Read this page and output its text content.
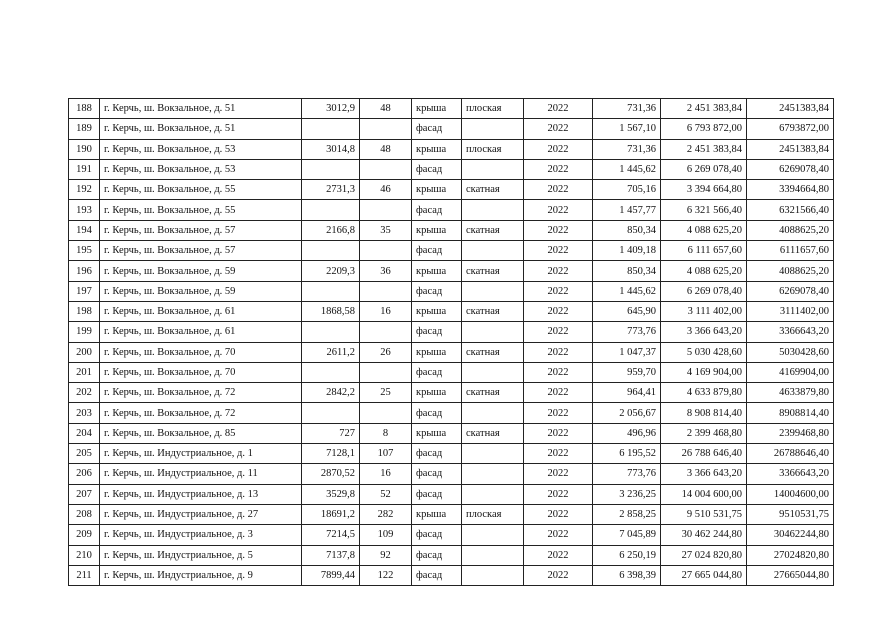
188	г. Керчь, ш. Вокзальное, д. 51	3012,9	48	крыша	плоская	2022	731,36	2 451 383,84	2451383,84
189	г. Керчь, ш. Вокзальное, д. 51			фасад		2022	1 567,10	6 793 872,00	6793872,00
190	г. Керчь, ш. Вокзальное, д. 53	3014,8	48	крыша	плоская	2022	731,36	2 451 383,84	2451383,84
191	г. Керчь, ш. Вокзальное, д. 53			фасад		2022	1 445,62	6 269 078,40	6269078,40
192	г. Керчь, ш. Вокзальное, д. 55	2731,3	46	крыша	скатная	2022	705,16	3 394 664,80	3394664,80
193	г. Керчь, ш. Вокзальное, д. 55			фасад		2022	1 457,77	6 321 566,40	6321566,40
194	г. Керчь, ш. Вокзальное, д. 57	2166,8	35	крыша	скатная	2022	850,34	4 088 625,20	4088625,20
195	г. Керчь, ш. Вокзальное, д. 57			фасад		2022	1 409,18	6 111 657,60	6111657,60
196	г. Керчь, ш. Вокзальное, д. 59	2209,3	36	крыша	скатная	2022	850,34	4 088 625,20	4088625,20
197	г. Керчь, ш. Вокзальное, д. 59			фасад		2022	1 445,62	6 269 078,40	6269078,40
198	г. Керчь, ш. Вокзальное, д. 61	1868,58	16	крыша	скатная	2022	645,90	3 111 402,00	3111402,00
199	г. Керчь, ш. Вокзальное, д. 61			фасад		2022	773,76	3 366 643,20	3366643,20
200	г. Керчь, ш. Вокзальное, д. 70	2611,2	26	крыша	скатная	2022	1 047,37	5 030 428,60	5030428,60
201	г. Керчь, ш. Вокзальное, д. 70			фасад		2022	959,70	4 169 904,00	4169904,00
202	г. Керчь, ш. Вокзальное, д. 72	2842,2	25	крыша	скатная	2022	964,41	4 633 879,80	4633879,80
203	г. Керчь, ш. Вокзальное, д. 72			фасад		2022	2 056,67	8 908 814,40	8908814,40
204	г. Керчь, ш. Вокзальное, д. 85	727	8	крыша	скатная	2022	496,96	2 399 468,80	2399468,80
205	г. Керчь, ш. Индустриальное, д. 1	7128,1	107	фасад		2022	6 195,52	26 788 646,40	26788646,40
206	г. Керчь, ш. Индустриальное, д. 11	2870,52	16	фасад		2022	773,76	3 366 643,20	3366643,20
207	г. Керчь, ш. Индустриальное, д. 13	3529,8	52	фасад		2022	3 236,25	14 004 600,00	14004600,00
208	г. Керчь, ш. Индустриальное, д. 27	18691,2	282	крыша	плоская	2022	2 858,25	9 510 531,75	9510531,75
209	г. Керчь, ш. Индустриальное, д. 3	7214,5	109	фасад		2022	7 045,89	30 462 244,80	30462244,80
210	г. Керчь, ш. Индустриальное, д. 5	7137,8	92	фасад		2022	6 250,19	27 024 820,80	27024820,80
211	г. Керчь, ш. Индустриальное, д. 9	7899,44	122	фасад		2022	6 398,39	27 665 044,80	27665044,80
